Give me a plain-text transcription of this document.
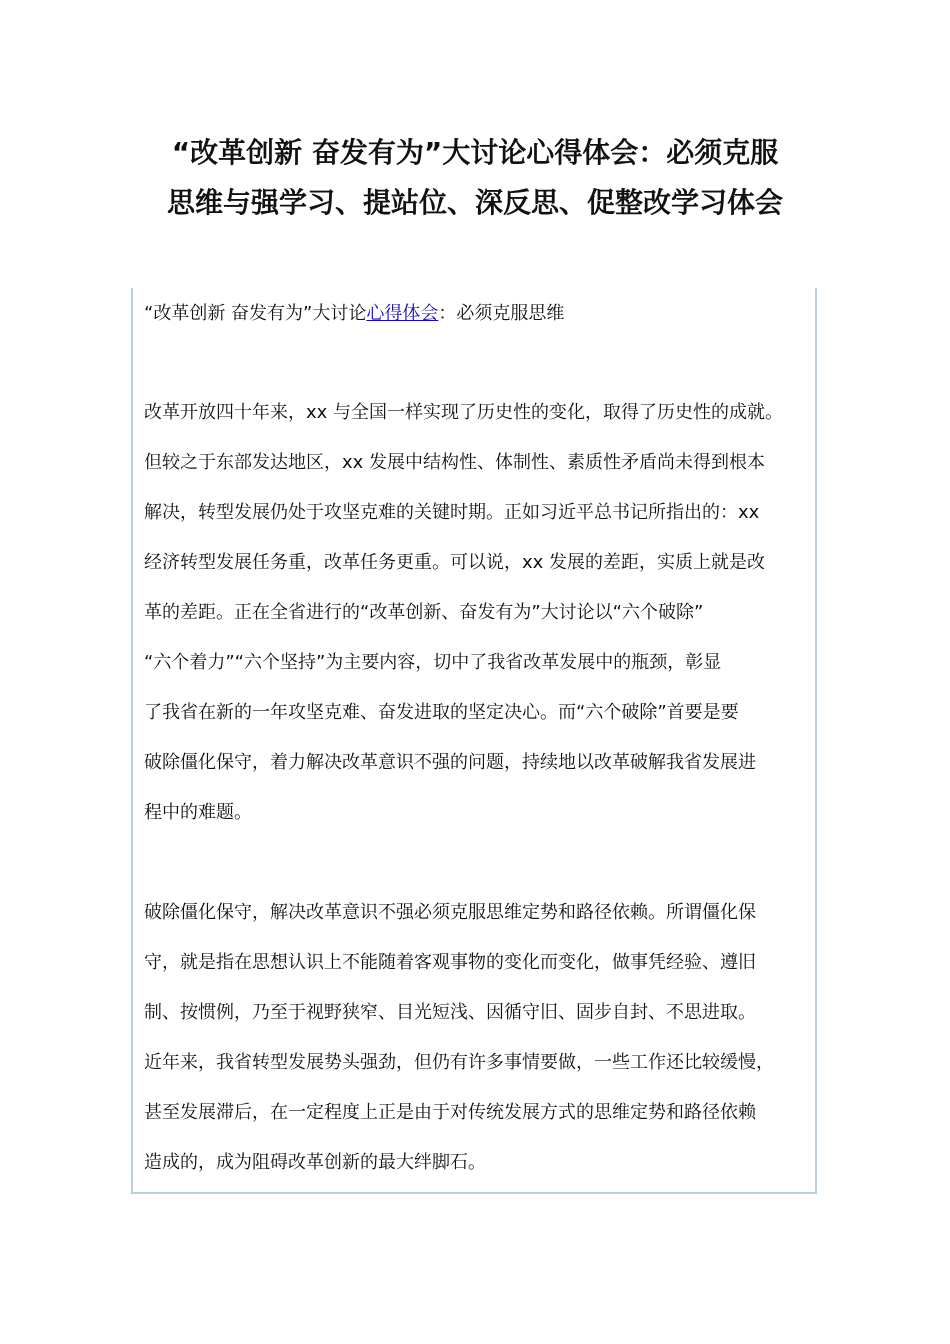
“改革创新 奋发有为”大讨论心得体会：必须克服
思维与强学习、提站位、深反思、促整改学习体会
“改革创新 奋发有为”大讨论心得体会：必须克服思维
改革开放四十年来，xx 与全国一样实现了历史性的变化，取得了历史性的成就。
但较之于东部发达地区，xx 发展中结构性、体制性、素质性矛盾尚未得到根本
解决，转型发展仍处于攻坚克难的关键时期。正如习近平总书记所指出的：xx
经济转型发展任务重，改革任务更重。可以说，xx 发展的差距，实质上就是改
革的差距。正在全省进行的“改革创新、奋发有为”大讨论以“六个破除”
“六个着力”“六个坚持”为主要内容，切中了我省改革发展中的瓶颈，彰显
了我省在新的一年攻坚克难、奋发进取的坚定决心。而“六个破除”首要是要
破除僵化保守，着力解决改革意识不强的问题，持续地以改革破解我省发展进
程中的难题。
破除僵化保守，解决改革意识不强必须克服思维定势和路径依赖。所谓僵化保
守，就是指在思想认识上不能随着客观事物的变化而变化，做事凭经验、遵旧
制、按惯例，乃至于视野狭窄、目光短浅、因循守旧、固步自封、不思进取。
近年来，我省转型发展势头强劲，但仍有许多事情要做，一些工作还比较缓慢，
甚至发展滞后，在一定程度上正是由于对传统发展方式的思维定势和路径依赖
造成的，成为阻碍改革创新的最大绊脚石。
